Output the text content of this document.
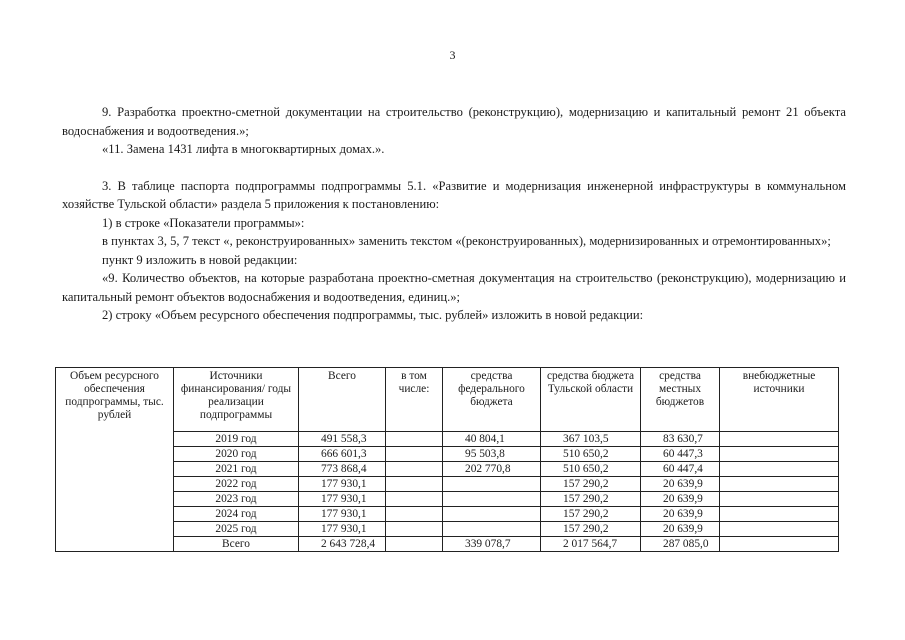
3

9. Разработка проектно-сметной документации на строительство (реконструкцию), модернизацию и капитальный ремонт 21 объекта водоснабжения и водоотведения.»;

«11. Замена 1431 лифта в многоквартирных домах.».

3. В таблице паспорта подпрограммы подпрограммы 5.1. «Развитие и модернизация инженерной инфраструктуры в коммунальном хозяйстве Тульской области» раздела 5 приложения к постановлению:

1) в строке «Показатели программы»:

в пунктах 3, 5, 7 текст «, реконструированных» заменить текстом «(реконструированных), модернизированных и отремонтированных»;

пункт 9 изложить в новой редакции:

«9. Количество объектов, на которые разработана проектно-сметная документация на строительство (реконструкцию), модернизацию и капитальный ремонт объектов водоснабжения и водоотведения, единиц.»;

2) строку «Объем ресурсного обеспечения подпрограммы, тыс. рублей» изложить в новой редакции:

Объем ресурсного обеспечения подпрограммы, тыс. рублей	Источники финансирования/ годы реализации подпрограммы	Всего	в том числе:	средства федерального бюджета	средства бюджета Тульской области	средства местных бюджетов	внебюджетные источники
	2019 год	491 558,3		40 804,1	367 103,5	83 630,7	
	2020 год	666 601,3		95 503,8	510 650,2	60 447,3	
	2021 год	773 868,4		202 770,8	510 650,2	60 447,4	
	2022 год	177 930,1			157 290,2	20 639,9	
	2023 год	177 930,1			157 290,2	20 639,9	
	2024 год	177 930,1			157 290,2	20 639,9	
	2025 год	177 930,1			157 290,2	20 639,9	
	Всего	2 643 728,4		339 078,7	2 017 564,7	287 085,0	
